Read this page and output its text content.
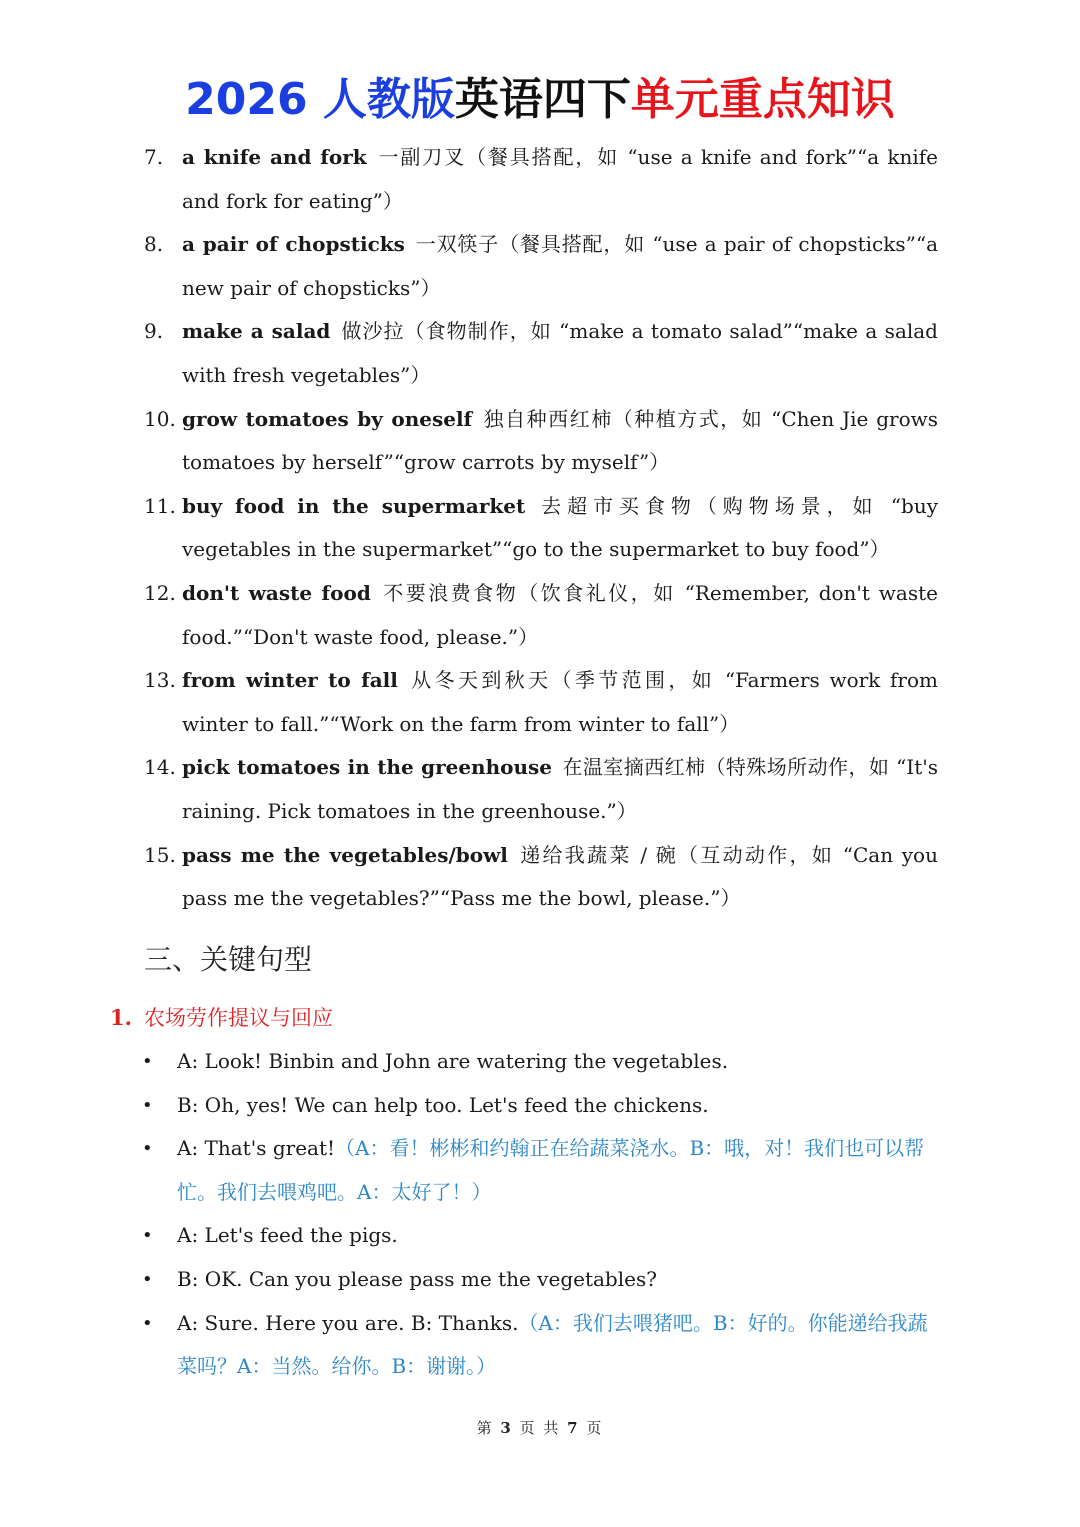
2026 人教版英语四下单元重点知识
7. a knife and fork 一副刀叉（餐具搭配，如 “use a knife and fork”“a knife and fork for eating”）
8. a pair of chopsticks 一双筷子（餐具搭配，如 “use a pair of chopsticks”“a new pair of chopsticks”）
9. make a salad 做沙拉（食物制作，如 “make a tomato salad”“make a salad with fresh vegetables”）
10. grow tomatoes by oneself 独自种西红柿（种植方式，如 “Chen Jie grows tomatoes by herself”“grow carrots by myself”）
11. buy food in the supermarket 去超市买食物（购物场景，如 “buy vegetables in the supermarket”“go to the supermarket to buy food”）
12. don't waste food 不要浪费食物（饮食礼仪，如 “Remember, don't waste food.”“Don't waste food, please.”）
13. from winter to fall 从冬天到秋天（季节范围，如 “Farmers work from winter to fall.”“Work on the farm from winter to fall”）
14. pick tomatoes in the greenhouse 在温室摘西红柿（特殊场所动作，如 “It's raining. Pick tomatoes in the greenhouse.”）
15. pass me the vegetables/bowl 递给我蔬菜 / 碗（互动动作，如 “Can you pass me the vegetables?”“Pass me the bowl, please.”）
三、关键句型
1. 农场劳作提议与回应
• A: Look! Binbin and John are watering the vegetables.
• B: Oh, yes! We can help too. Let's feed the chickens.
• A: That's great!（A：看！彬彬和约翰正在给蔬菜浇水。B：哦，对！我们也可以帮忙。我们去喂鸡吧。A：太好了！）
• A: Let's feed the pigs.
• B: OK. Can you please pass me the vegetables?
• A: Sure. Here you are. B: Thanks.（A：我们去喂猪吧。B：好的。你能递给我蔬菜吗？A：当然。给你。B：谢谢。）
第 3 页 共 7 页
